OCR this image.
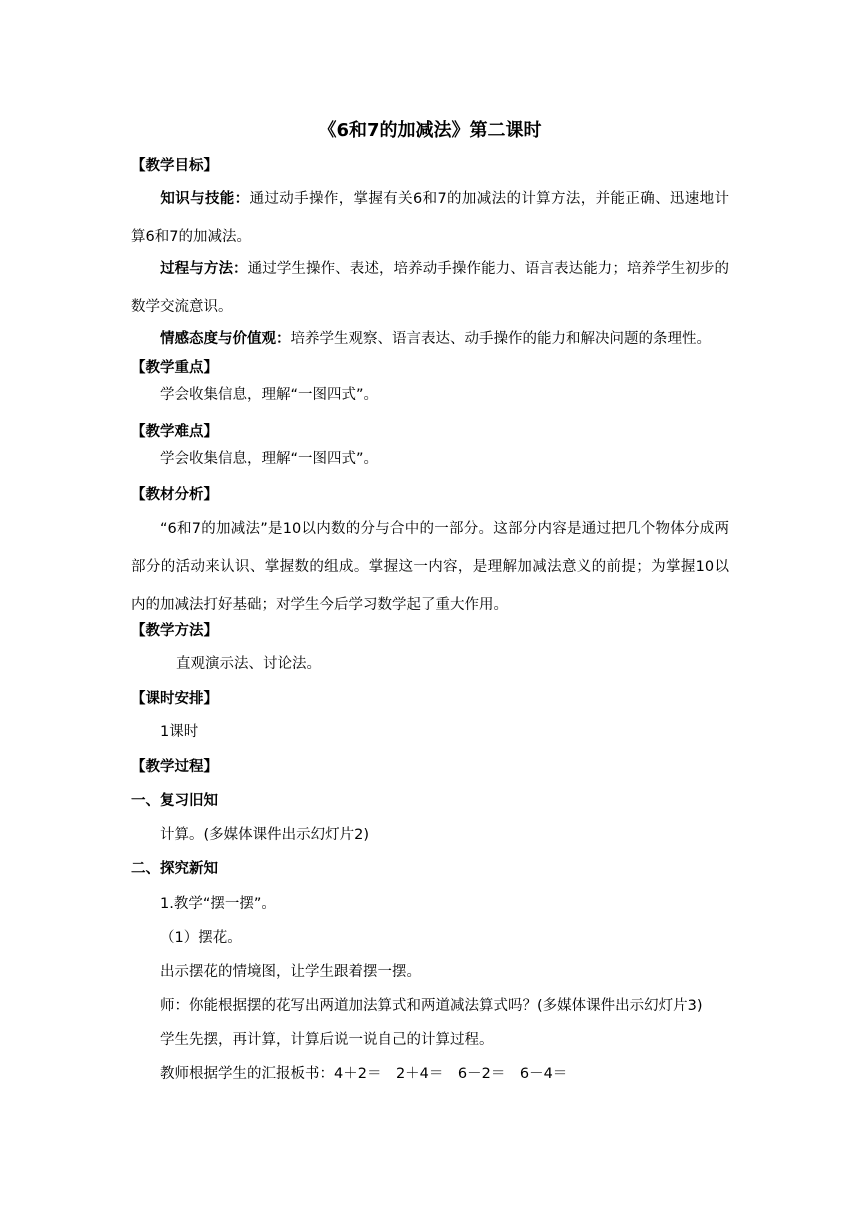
《6和7的加减法》第二课时
【教学目标】
知识与技能：通过动手操作，掌握有关6和7的加减法的计算方法，并能正确、迅速地计算6和7的加减法。
过程与方法：通过学生操作、表述，培养动手操作能力、语言表达能力；培养学生初步的数学交流意识。
情感态度与价值观：培养学生观察、语言表达、动手操作的能力和解决问题的条理性。
【教学重点】
学会收集信息，理解“一图四式”。
【教学难点】
学会收集信息，理解“一图四式”。
【教材分析】
“6和7的加减法”是10以内数的分与合中的一部分。这部分内容是通过把几个物体分成两部分的活动来认识、掌握数的组成。掌握这一内容，是理解加减法意义的前提；为掌握10以内的加减法打好基础；对学生今后学习数学起了重大作用。
【教学方法】
直观演示法、讨论法。
【课时安排】
1课时
【教学过程】
一、复习旧知
计算。(多媒体课件出示幻灯片2)
二、探究新知
1.教学“摆一摆”。
（1）摆花。
出示摆花的情境图，让学生跟着摆一摆。
师：你能根据摆的花写出两道加法算式和两道减法算式吗？(多媒体课件出示幻灯片3)
学生先摆，再计算，计算后说一说自己的计算过程。
教师根据学生的汇报板书：4＋2＝　2＋4＝　6－2＝　6－4＝
